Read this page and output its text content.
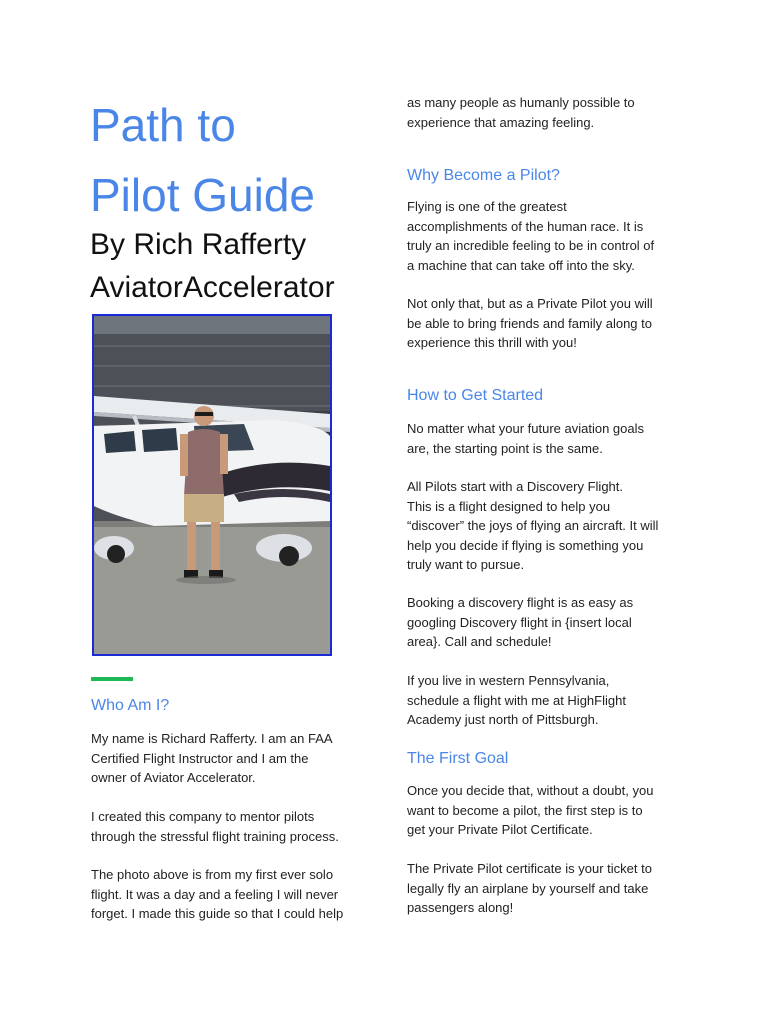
Path to
Pilot Guide
By Rich Rafferty
AviatorAccelerator
Who Am I?

My name is Richard Rafferty. I am an FAA
Certified Flight Instructor and I am the
owner of Aviator Accelerator.

I created this company to mentor pilots
through the stressful flight training process.

The photo above is from my first ever solo
flight. It was a day and a feeling I will never
forget. I made this guide so that I could help

as many people as humanly possible to
experience that amazing feeling.

Why Become a Pilot?

Flying is one of the greatest
accomplishments of the human race. It is
truly an incredible feeling to be in control of
a machine that can take off into the sky.

Not only that, but as a Private Pilot you will
be able to bring friends and family along to
experience this thrill with you!

How to Get Started

No matter what your future aviation goals
are, the starting point is the same.

All Pilots start with a Discovery Flight.
This is a flight designed to help you
“discover” the joys of flying an aircraft. It will
help you decide if flying is something you
truly want to pursue.

Booking a discovery flight is as easy as
googling Discovery flight in {insert local
area}. Call and schedule!

If you live in western Pennsylvania,
schedule a flight with me at HighFlight
Academy just north of Pittsburgh.

The First Goal

Once you decide that, without a doubt, you
want to become a pilot, the first step is to
get your Private Pilot Certificate.

The Private Pilot certificate is your ticket to
legally fly an airplane by yourself and take
passengers along!
